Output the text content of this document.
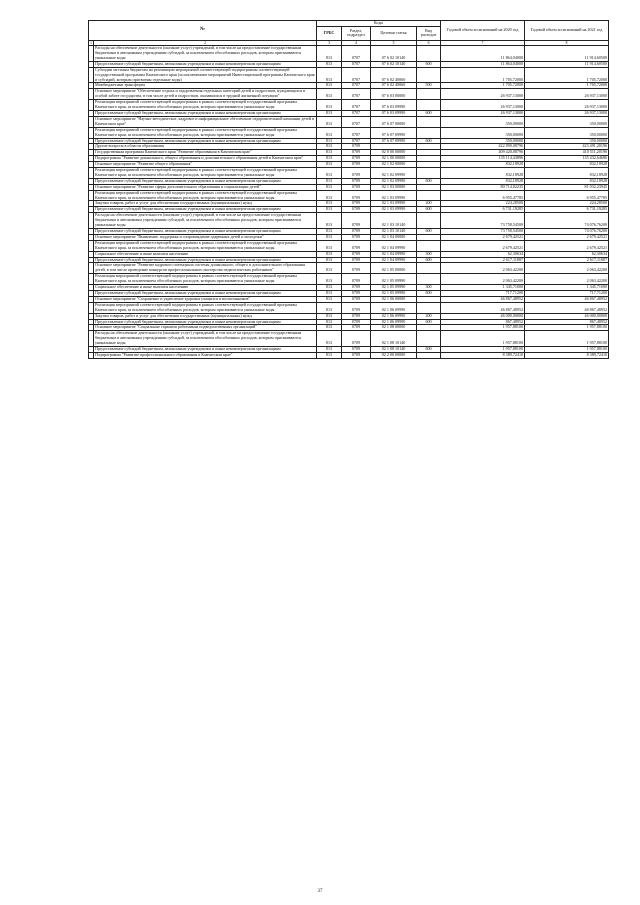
№		Коды				Годовой объем ассигнований на 2020 год	Годовой объем ассигнований на 2021 год
		ГРБС	Раздел, подраздел	Целевая статья	Вид расходов		
1	2	3	4	5	6	7	8
	Расходы на обеспечение деятельности (оказание услуг) учреждений, в том числе на предоставление государственным бюджетным и автономным учреждениям субсидий, за исключением обособленных расходов, которым присваиваются уникальные коды	813	0707	07 6 02 10140		11 864,04000	11 914,60500
	Предоставление субсидий бюджетным, автономным учреждениям и иным некоммерческим организациям	813	0707	07 6 02 10140	600	11 864,04000	11 914,60500
	Субсидии местным бюджетам на реализацию мероприятий соответствующей подпрограммы соответствующей государственной программы Камчатского края (за исключением мероприятий Инвестиционной программы Камчатского края и субсидий, которым присвоены отдельные коды)	813	0707	07 6 02 40060		1 705,72000	1 705,72000
	Межбюджетные трансферты	813	0707	07 6 02 40060	500	1 705,72000	1 705,72000
	Основное мероприятие "Обеспечение отдыха и оздоровления отдельных категорий детей и подростков, нуждающихся в особой заботе государства, в том числе детей и подростков, оказавшихся в трудной жизненной ситуации"	813	0707	07 6 03 00000		26 937,13000	26 937,13000
	Реализация мероприятий соответствующей подпрограммы в рамках соответствующей государственной программы Камчатского края, за исключением обособленных расходов, которым присваиваются уникальные коды	813	0707	07 6 03 09990		26 937,13000	26 937,13000
	Предоставление субсидий бюджетным, автономным учреждениям и иным некоммерческим организациям	813	0707	07 6 03 09990	600	26 937,13000	26 937,13000
	Основное мероприятие "Научно-методическое, кадровое и информационное обеспечение оздоровительной кампании детей в Камчатском крае"	813	0707	07 6 07 00000		350,00000	350,00000
	Реализация мероприятий соответствующей подпрограммы в рамках соответствующей государственной программы Камчатского края, за исключением обособленных расходов, которым присваиваются уникальные коды	813	0707	07 6 07 09990		350,00000	350,00000
	Предоставление субсидий бюджетным, автономным учреждениям и иным некоммерческим организациям	813	0707	07 6 07 09990	600	350,00000	350,00000
	Другие вопросы в области образования	813	0709			422 890,08796	423 491,20196
	Государственная программа Камчатского края "Развитие образования в Камчатском крае"	813	0709	02 0 00 00000		409 420,08796	410 511,20196
	Подпрограмма "Развитие дошкольного, общего образования и дополнительного образования детей в Камчатском крае"	813	0709	02 1 00 00000		135 114,43896	135 432,64686
	Основное мероприятие "Развитие общего образования"	813	0709	02 1 02 00000		832,18928	832,18928
	Реализация мероприятий соответствующей подпрограммы в рамках соответствующей государственной программы Камчатского края, за исключением обособленных расходов, которым присваиваются уникальные коды	813	0709	02 1 02 09990		832,18928	832,18928
	Предоставление субсидий бюджетным, автономным учреждениям и иным некоммерческим организациям	813	0709	02 1 02 09990	600	832,18928	832,18928
	Основное мероприятие "Развитие сферы дополнительного образования и социализации детей"	813	0709	02 1 03 00000		80 714,02235	81 032,23945
	Реализация мероприятий соответствующей подпрограммы в рамках соответствующей государственной программы Камчатского края, за исключением обособленных расходов, которым присваиваются уникальные коды	813	0709	02 1 03 09990		6 955,47785	6 955,47785
	Закупка товаров, работ и услуг для обеспечения государственных (муниципальных) нужд	813	0709	02 1 03 09990	200	224,28500	224,28500
	Предоставление субсидий бюджетным, автономным учреждениям и иным некоммерческим организациям	813	0709	02 1 03 09990	600	6 731,19285	6 731,19285
	Расходы на обеспечение деятельности (оказание услуг) учреждений, в том числе на предоставление государственным бюджетным и автономным учреждениям субсидий, за исключением обособленных расходов, которым присваиваются уникальные коды	813	0709	02 1 03 10140		73 758,54500	74 076,76200
	Предоставление субсидий бюджетным, автономным учреждениям и иным некоммерческим организациям	813	0709	02 1 03 10140	600	73 758,54500	74 076,76200
	Основное мероприятие "Выявление, поддержка и сопровождение одаренных детей и молодежи"	813	0709	02 1 04 00000		2 679,42521	2 679,42521
	Реализация мероприятий соответствующей подпрограммы в рамках соответствующей государственной программы Камчатского края, за исключением обособленных расходов, которым присваиваются уникальные коды	813	0709	02 1 04 09990		2 679,42521	2 679,42521
	Социальное обеспечение и иные выплаты населению	813	0709	02 1 04 09990	300	62,30634	62,30634
	Предоставление субсидий бюджетным, автономным учреждениям и иным некоммерческим организациям	813	0709	02 1 04 09990	600	2 617,11887	2 617,11887
	Основное мероприятие "Развитие кадрового потенциала системы дошкольного, общего и дополнительного образования детей, в том числе проведение конкурсов профессионального мастерства педагогических работников"	813	0709	02 1 05 00000		2 063,42200	2 063,42200
	Реализация мероприятий соответствующей подпрограммы в рамках соответствующей государственной программы Камчатского края, за исключением обособленных расходов, которым присваиваются уникальные коды	813	0709	02 1 05 09990		2 063,42200	2 063,42200
	Социальное обеспечение и иные выплаты населению	813	0709	02 1 05 09990	300	1 345,71000	1 345,71000
	Предоставление субсидий бюджетным, автономным учреждениям и иным некоммерческим организациям	813	0709	02 1 05 09990	600	717,71200	717,71200
	Основное мероприятие "Сохранение и укрепление здоровья учащихся и воспитанников"	813	0709	02 1 06 00000		46 867,48952	46 867,48952
	Реализация мероприятий соответствующей подпрограммы в рамках соответствующей государственной программы Камчатского края, за исключением обособленных расходов, которым присваиваются уникальные коды	813	0709	02 1 06 09990		46 867,48952	46 867,48952
	Закупка товаров, работ и услуг для обеспечения государственных (муниципальных) нужд	813	0709	02 1 06 09990	200	46 000,00000	46 000,00000
	Предоставление субсидий бюджетным, автономным учреждениям и иным некоммерческим организациям	813	0709	02 1 06 09990	600	867,48952	867,48952
	Основное мероприятие "Социальные гарантии работникам подведомственных организаций"	813	0709	02 1 08 00000		1 957,88100	1 957,88100
	Расходы на обеспечение деятельности (оказание услуг) учреждений, в том числе на предоставление государственным бюджетным и автономным учреждениям субсидий, за исключением обособленных расходов, которым присваиваются уникальные коды	813	0709	02 1 08 10140		1 957,88100	1 957,88100
	Предоставление субсидий бюджетным, автономным учреждениям и иным некоммерческим организациям	813	0709	02 1 08 10140	600	1 957,88100	1 957,88100
	Подпрограмма "Развитие профессионального образования в Камчатском крае"	813	0709	02 2 00 00000		8 389,72410	8 389,72410
37
